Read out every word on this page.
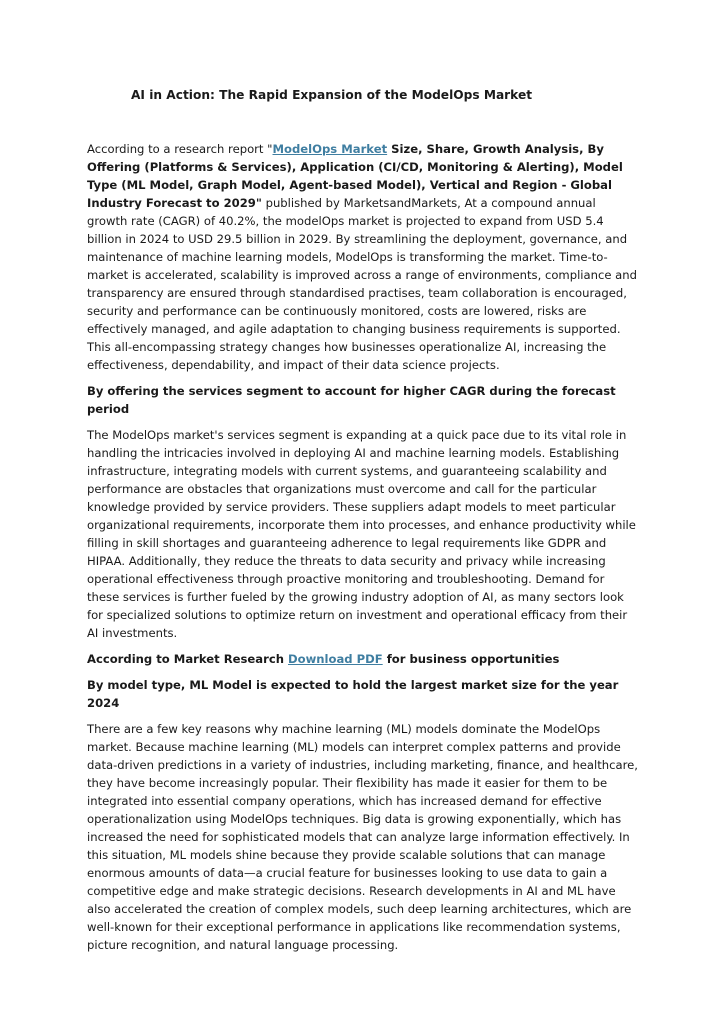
AI in Action: The Rapid Expansion of the ModelOps Market

According to a research report "ModelOps Market Size, Share, Growth Analysis, By Offering (Platforms & Services), Application (CI/CD, Monitoring & Alerting), Model Type (ML Model, Graph Model, Agent-based Model), Vertical and Region - Global Industry Forecast to 2029" published by MarketsandMarkets, At a compound annual growth rate (CAGR) of 40.2%, the modelOps market is projected to expand from USD 5.4 billion in 2024 to USD 29.5 billion in 2029. By streamlining the deployment, governance, and maintenance of machine learning models, ModelOps is transforming the market. Time-to-market is accelerated, scalability is improved across a range of environments, compliance and transparency are ensured through standardised practises, team collaboration is encouraged, security and performance can be continuously monitored, costs are lowered, risks are effectively managed, and agile adaptation to changing business requirements is supported. This all-encompassing strategy changes how businesses operationalize AI, increasing the effectiveness, dependability, and impact of their data science projects.

By offering the services segment to account for higher CAGR during the forecast period

The ModelOps market's services segment is expanding at a quick pace due to its vital role in handling the intricacies involved in deploying AI and machine learning models. Establishing infrastructure, integrating models with current systems, and guaranteeing scalability and performance are obstacles that organizations must overcome and call for the particular knowledge provided by service providers. These suppliers adapt models to meet particular organizational requirements, incorporate them into processes, and enhance productivity while filling in skill shortages and guaranteeing adherence to legal requirements like GDPR and HIPAA. Additionally, they reduce the threats to data security and privacy while increasing operational effectiveness through proactive monitoring and troubleshooting. Demand for these services is further fueled by the growing industry adoption of AI, as many sectors look for specialized solutions to optimize return on investment and operational efficacy from their AI investments.

According to Market Research Download PDF for business opportunities

By model type, ML Model is expected to hold the largest market size for the year 2024

There are a few key reasons why machine learning (ML) models dominate the ModelOps market. Because machine learning (ML) models can interpret complex patterns and provide data-driven predictions in a variety of industries, including marketing, finance, and healthcare, they have become increasingly popular. Their flexibility has made it easier for them to be integrated into essential company operations, which has increased demand for effective operationalization using ModelOps techniques. Big data is growing exponentially, which has increased the need for sophisticated models that can analyze large information effectively. In this situation, ML models shine because they provide scalable solutions that can manage enormous amounts of data—a crucial feature for businesses looking to use data to gain a competitive edge and make strategic decisions. Research developments in AI and ML have also accelerated the creation of complex models, such deep learning architectures, which are well-known for their exceptional performance in applications like recommendation systems, picture recognition, and natural language processing.
